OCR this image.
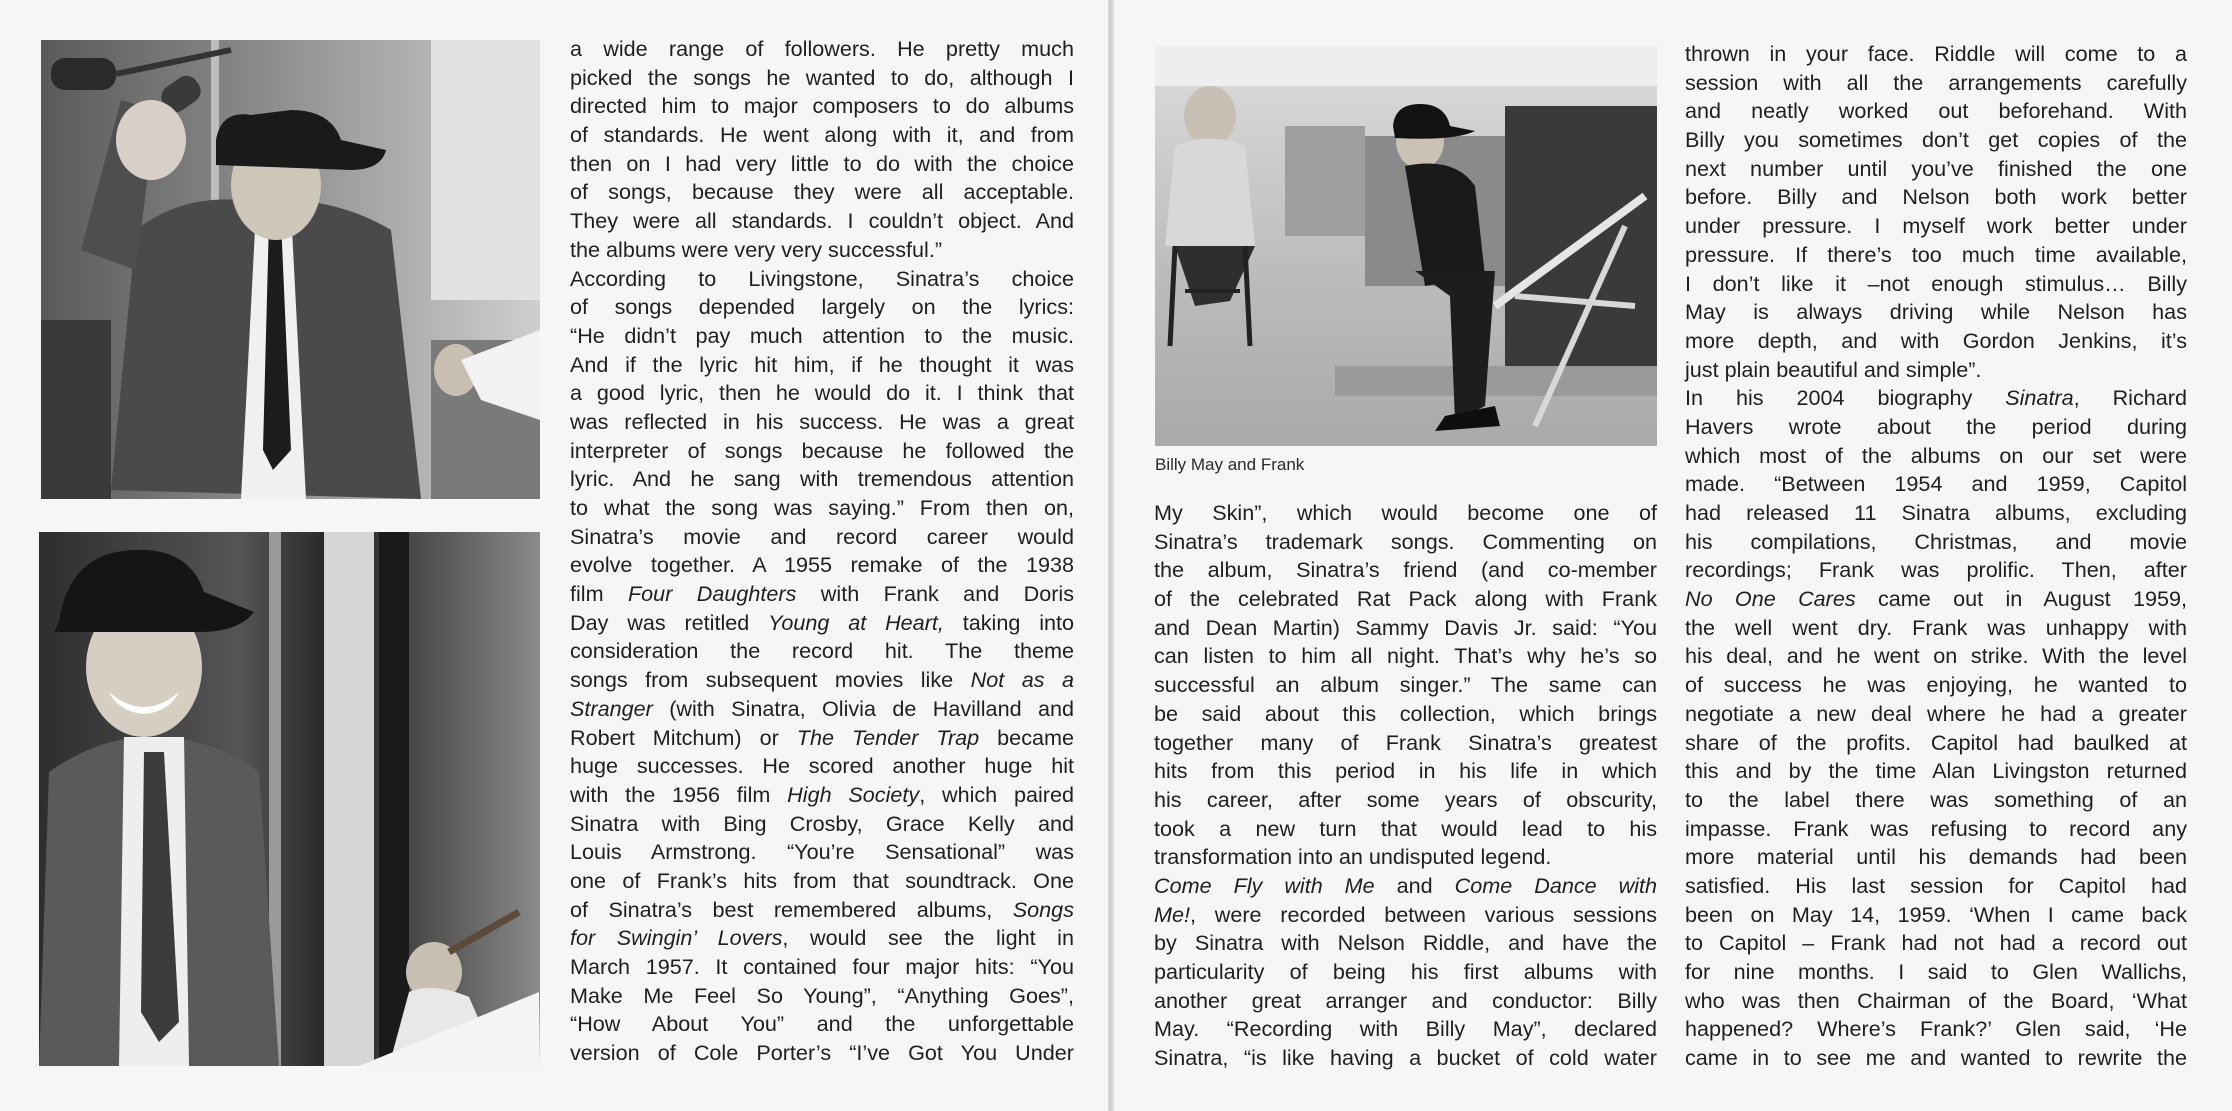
Billy May and Frank
a wide range of followers. He pretty much
picked the songs he wanted to do, although I
directed him to major composers to do albums
of standards. He went along with it, and from
then on I had very little to do with the choice
of songs, because they were all acceptable.
They were all standards. I couldn’t object. And
the albums were very very successful.”
According to Livingstone, Sinatra’s choice
of songs depended largely on the lyrics:
“He didn’t pay much attention to the music.
And if the lyric hit him, if he thought it was
a good lyric, then he would do it. I think that
was reflected in his success. He was a great
interpreter of songs because he followed the
lyric. And he sang with tremendous attention
to what the song was saying.” From then on,
Sinatra’s movie and record career would
evolve together. A 1955 remake of the 1938
film Four Daughters with Frank and Doris
Day was retitled Young at Heart, taking into
consideration the record hit. The theme
songs from subsequent movies like Not as a
Stranger (with Sinatra, Olivia de Havilland and
Robert Mitchum) or The Tender Trap became
huge successes. He scored another huge hit
with the 1956 film High Society, which paired
Sinatra with Bing Crosby, Grace Kelly and
Louis Armstrong. “You’re Sensational” was
one of Frank’s hits from that soundtrack. One
of Sinatra’s best remembered albums, Songs
for Swingin’ Lovers, would see the light in
March 1957. It contained four major hits: “You
Make Me Feel So Young”, “Anything Goes”,
“How About You” and the unforgettable
version of Cole Porter’s “I’ve Got You Under
My Skin”, which would become one of
Sinatra’s trademark songs. Commenting on
the album, Sinatra’s friend (and co-member
of the celebrated Rat Pack along with Frank
and Dean Martin) Sammy Davis Jr. said: “You
can listen to him all night. That’s why he’s so
successful an album singer.” The same can
be said about this collection, which brings
together many of Frank Sinatra’s greatest
hits from this period in his life in which
his career, after some years of obscurity,
took a new turn that would lead to his
transformation into an undisputed legend.
Come Fly with Me and Come Dance with
Me!, were recorded between various sessions
by Sinatra with Nelson Riddle, and have the
particularity of being his first albums with
another great arranger and conductor: Billy
May. “Recording with Billy May”, declared
Sinatra, “is like having a bucket of cold water
thrown in your face. Riddle will come to a
session with all the arrangements carefully
and neatly worked out beforehand. With
Billy you sometimes don’t get copies of the
next number until you’ve finished the one
before. Billy and Nelson both work better
under pressure. I myself work better under
pressure. If there’s too much time available,
I don’t like it –not enough stimulus… Billy
May is always driving while Nelson has
more depth, and with Gordon Jenkins, it’s
just plain beautiful and simple”.
In his 2004 biography Sinatra, Richard
Havers wrote about the period during
which most of the albums on our set were
made. “Between 1954 and 1959, Capitol
had released 11 Sinatra albums, excluding
his compilations, Christmas, and movie
recordings; Frank was prolific. Then, after
No One Cares came out in August 1959,
the well went dry. Frank was unhappy with
his deal, and he went on strike. With the level
of success he was enjoying, he wanted to
negotiate a new deal where he had a greater
share of the profits. Capitol had baulked at
this and by the time Alan Livingston returned
to the label there was something of an
impasse. Frank was refusing to record any
more material until his demands had been
satisfied. His last session for Capitol had
been on May 14, 1959. ‘When I came back
to Capitol – Frank had not had a record out
for nine months. I said to Glen Wallichs,
who was then Chairman of the Board, ‘What
happened? Where’s Frank?’ Glen said, ‘He
came in to see me and wanted to rewrite the
